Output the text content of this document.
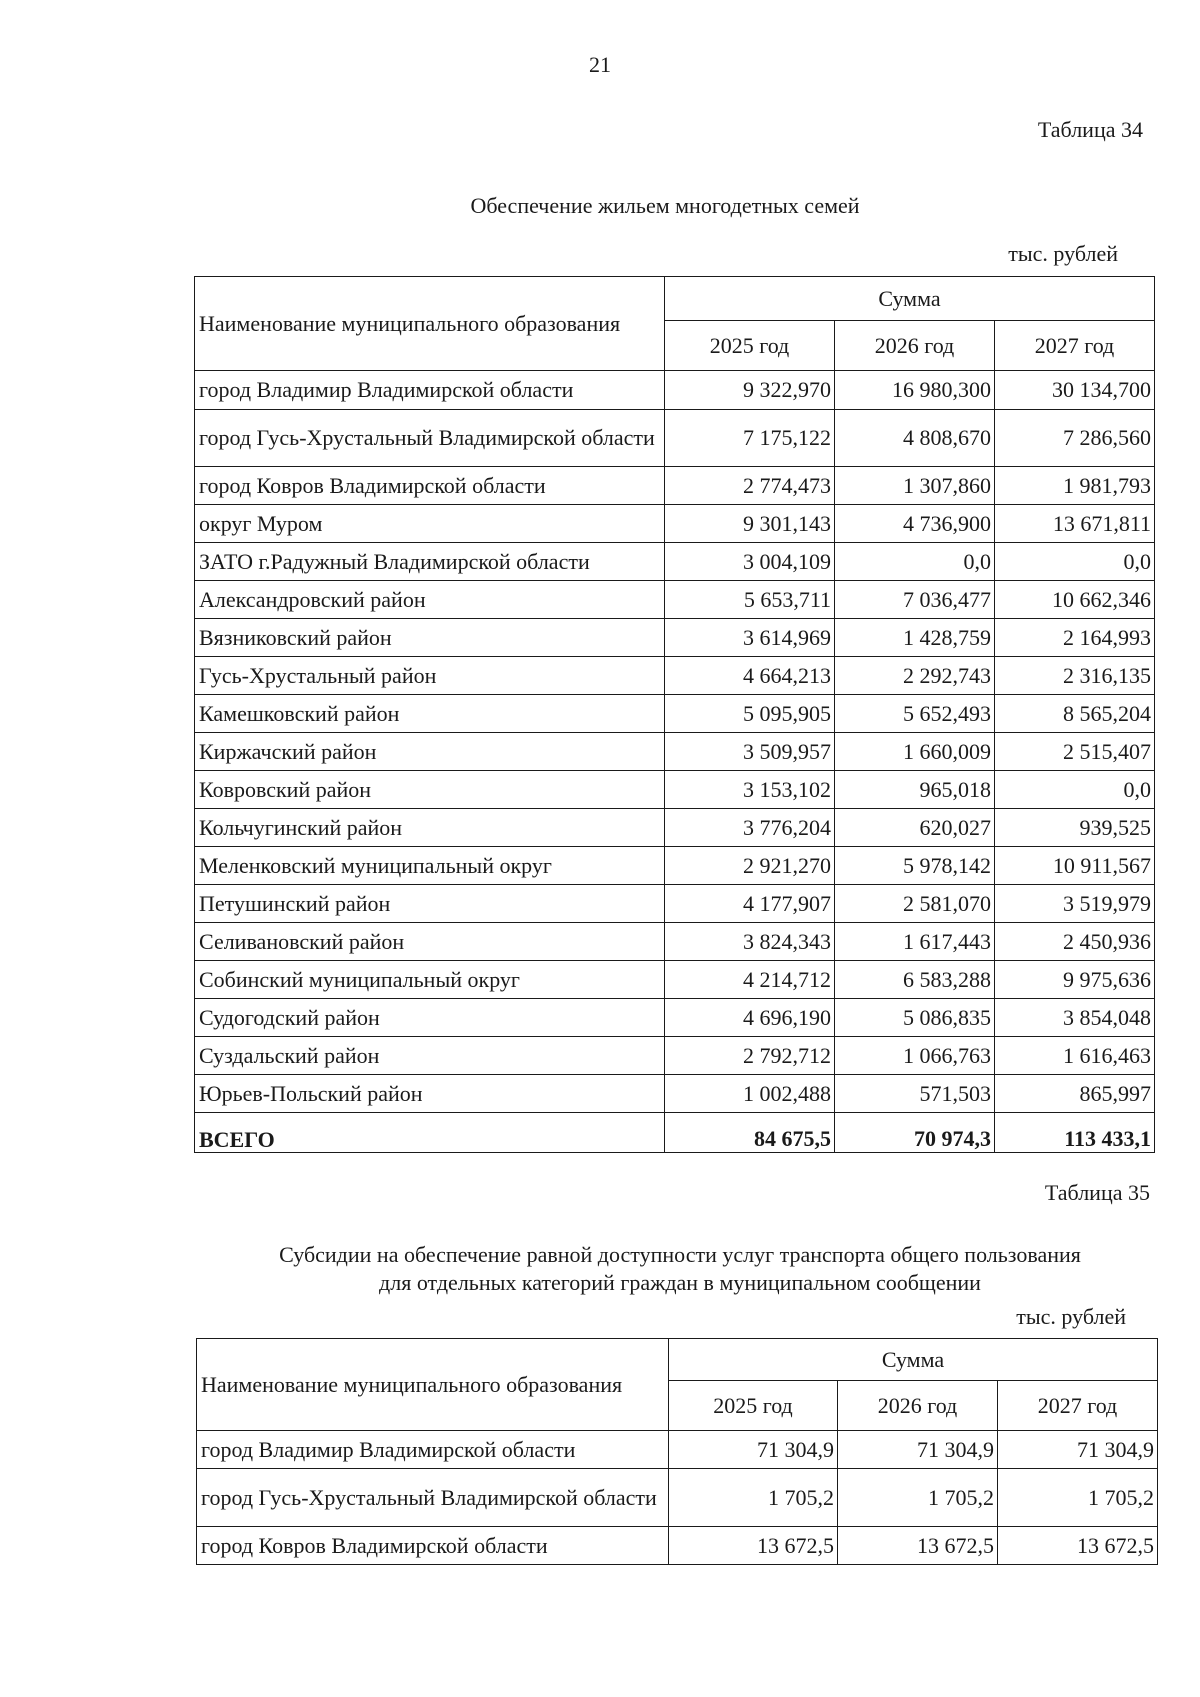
21
Таблица 34
Обеспечение жильем многодетных семей
тыс. рублей
Наименование муниципального образования	Сумма		
	2025 год	2026 год	2027 год
город Владимир Владимирской области	9 322,970	16 980,300	30 134,700
город Гусь-Хрустальный Владимирской области	7 175,122	4 808,670	7 286,560
город Ковров Владимирской области	2 774,473	1 307,860	1 981,793
округ Муром	9 301,143	4 736,900	13 671,811
ЗАТО г.Радужный Владимирской области	3 004,109	0,0	0,0
Александровский район	5 653,711	7 036,477	10 662,346
Вязниковский район	3 614,969	1 428,759	2 164,993
Гусь-Хрустальный район	4 664,213	2 292,743	2 316,135
Камешковский район	5 095,905	5 652,493	8 565,204
Киржачский район	3 509,957	1 660,009	2 515,407
Ковровский район	3 153,102	965,018	0,0
Кольчугинский район	3 776,204	620,027	939,525
Меленковский муниципальный округ	2 921,270	5 978,142	10 911,567
Петушинский район	4 177,907	2 581,070	3 519,979
Селивановский район	3 824,343	1 617,443	2 450,936
Собинский муниципальный округ	4 214,712	6 583,288	9 975,636
Судогодский район	4 696,190	5 086,835	3 854,048
Суздальский район	2 792,712	1 066,763	1 616,463
Юрьев-Польский район	1 002,488	571,503	865,997
ВСЕГО	84 675,5	70 974,3	113 433,1
Таблица 35
Субсидии на обеспечение равной доступности услуг транспорта общего пользования
для отдельных категорий граждан в муниципальном сообщении
тыс. рублей
Наименование муниципального образования	Сумма		
	2025 год	2026 год	2027 год
город Владимир Владимирской области	71 304,9	71 304,9	71 304,9
город Гусь-Хрустальный Владимирской области	1 705,2	1 705,2	1 705,2
город Ковров Владимирской области	13 672,5	13 672,5	13 672,5
